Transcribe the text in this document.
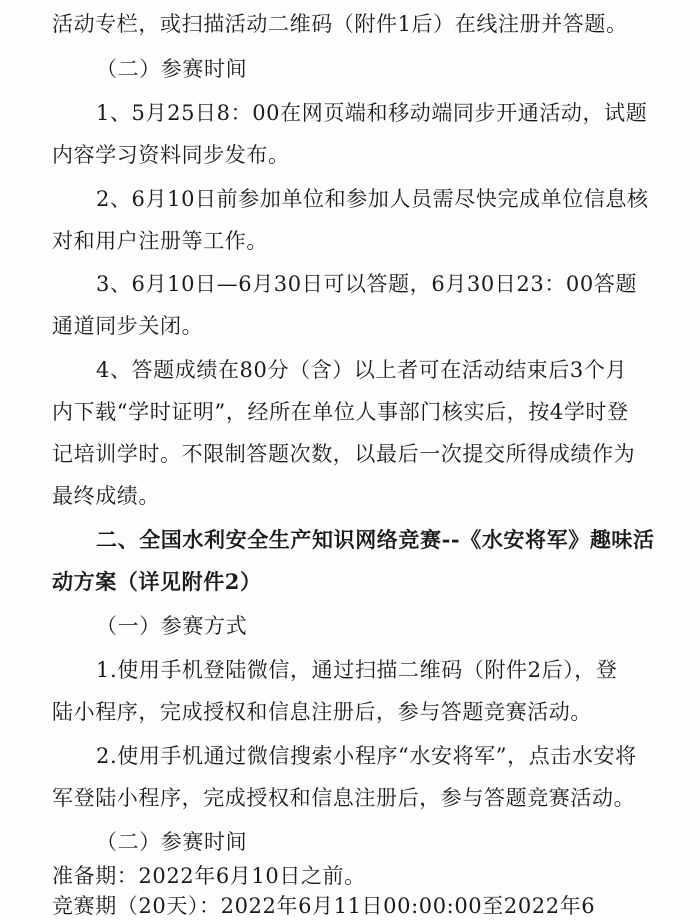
活动专栏，或扫描活动二维码（附件1后）在线注册并答题。
（二）参赛时间
1、5月25日8：00在网页端和移动端同步开通活动，试题
内容学习资料同步发布。
2、6月10日前参加单位和参加人员需尽快完成单位信息核
对和用户注册等工作。
3、6月10日—6月30日可以答题，6月30日23：00答题
通道同步关闭。
4、答题成绩在80分（含）以上者可在活动结束后3个月
内下载“学时证明”，经所在单位人事部门核实后，按4学时登
记培训学时。不限制答题次数，以最后一次提交所得成绩作为
最终成绩。
二、全国水利安全生产知识网络竞赛--《水安将军》趣味活
动方案（详见附件2）
（一）参赛方式
1.使用手机登陆微信，通过扫描二维码（附件2后），登
陆小程序，完成授权和信息注册后，参与答题竞赛活动。
2.使用手机通过微信搜索小程序“水安将军”，点击水安将
军登陆小程序，完成授权和信息注册后，参与答题竞赛活动。
（二）参赛时间
准备期：2022年6月10日之前。
竞赛期（20天）：2022年6月11日00:00:00至2022年6
